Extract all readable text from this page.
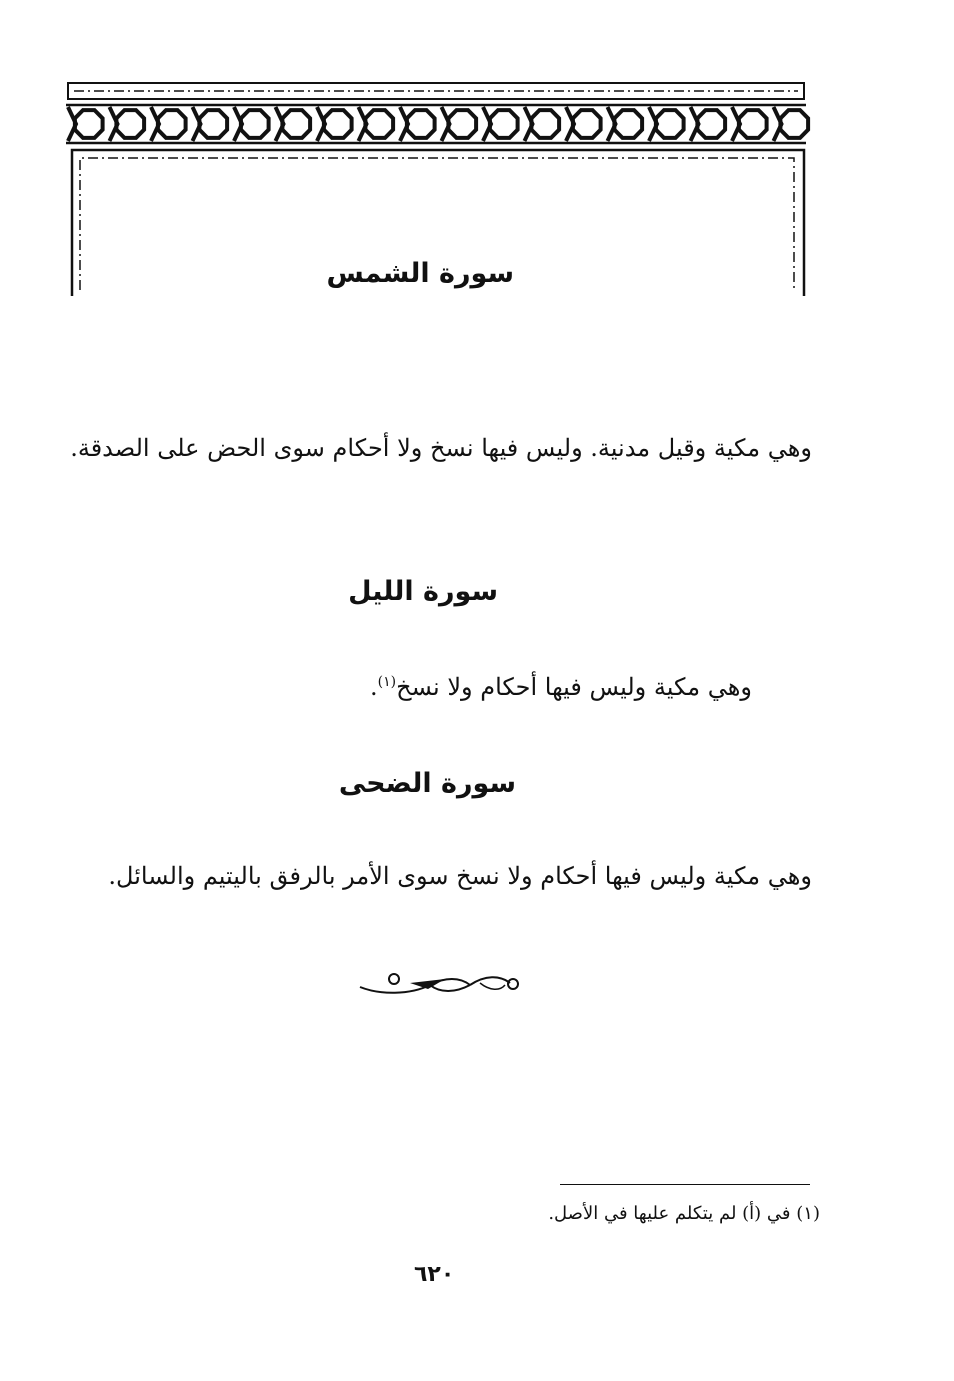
سورة الشمس
وهي مكية وقيل مدنية. وليس فيها نسخ ولا أحكام سوى الحض على الصدقة.
سورة الليل
وهي مكية وليس فيها أحكام ولا نسخ$^{(١)}$.
سورة الضحى
وهي مكية وليس فيها أحكام ولا نسخ سوى الأمر بالرفق باليتيم والسائل.
(١) في (أ) لم يتكلم عليها في الأصل.
٦٢٠
